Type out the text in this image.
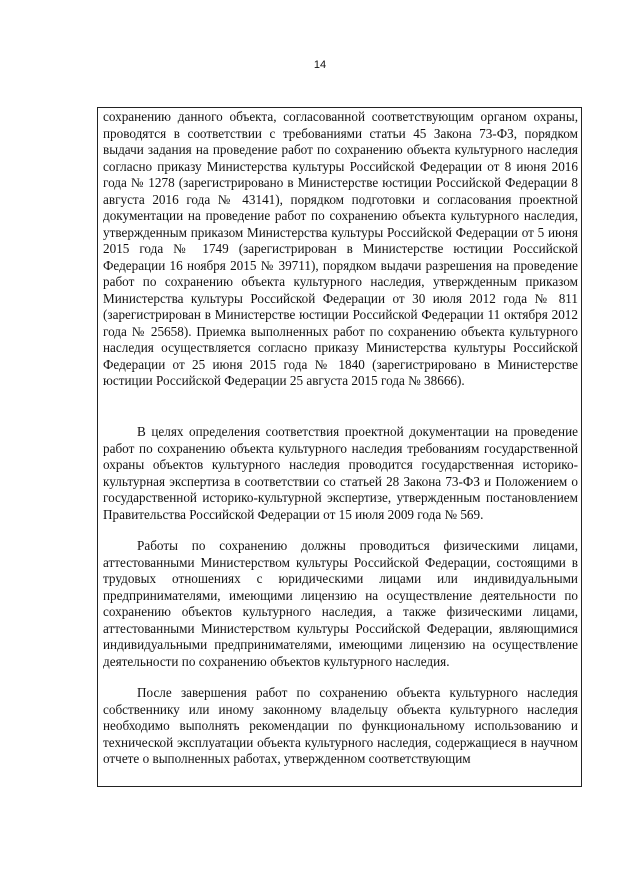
14
сохранению данного объекта, согласованной соответствующим органом охраны, проводятся в соответствии с требованиями статьи 45 Закона 73-ФЗ, порядком выдачи задания на проведение работ по сохранению объекта культурного наследия согласно приказу Министерства культуры Российской Федерации от 8 июня 2016 года № 1278 (зарегистрировано в Министерстве юстиции Российской Федерации 8 августа 2016 года № 43141), порядком подготовки и согласования проектной документации на проведение работ по сохранению объекта культурного наследия, утвержденным приказом Министерства культуры Российской Федерации от 5 июня 2015 года № 1749 (зарегистрирован в Министерстве юстиции Российской Федерации 16 ноября 2015 № 39711), порядком выдачи разрешения на проведение работ по сохранению объекта культурного наследия, утвержденным приказом Министерства культуры Российской Федерации от 30 июля 2012 года № 811 (зарегистрирован в Министерстве юстиции Российской Федерации 11 октября 2012 года № 25658). Приемка выполненных работ по сохранению объекта культурного наследия осуществляется согласно приказу Министерства культуры Российской Федерации от 25 июня 2015 года № 1840 (зарегистрировано в Министерстве юстиции Российской Федерации 25 августа 2015 года № 38666).
В целях определения соответствия проектной документации на проведение работ по сохранению объекта культурного наследия требованиям государственной охраны объектов культурного наследия проводится государственная историко-культурная экспертиза в соответствии со статьей 28 Закона 73-ФЗ и Положением о государственной историко-культурной экспертизе, утвержденным постановлением Правительства Российской Федерации от 15 июля 2009 года № 569.
Работы по сохранению должны проводиться физическими лицами, аттестованными Министерством культуры Российской Федерации, состоящими в трудовых отношениях с юридическими лицами или индивидуальными предпринимателями, имеющими лицензию на осуществление деятельности по сохранению объектов культурного наследия, а также физическими лицами, аттестованными Министерством культуры Российской Федерации, являющимися индивидуальными предпринимателями, имеющими лицензию на осуществление деятельности по сохранению объектов культурного наследия.
После завершения работ по сохранению объекта культурного наследия собственнику или иному законному владельцу объекта культурного наследия необходимо выполнять рекомендации по функциональному использованию и технической эксплуатации объекта культурного наследия, содержащиеся в научном отчете о выполненных работах, утвержденном соответствующим
